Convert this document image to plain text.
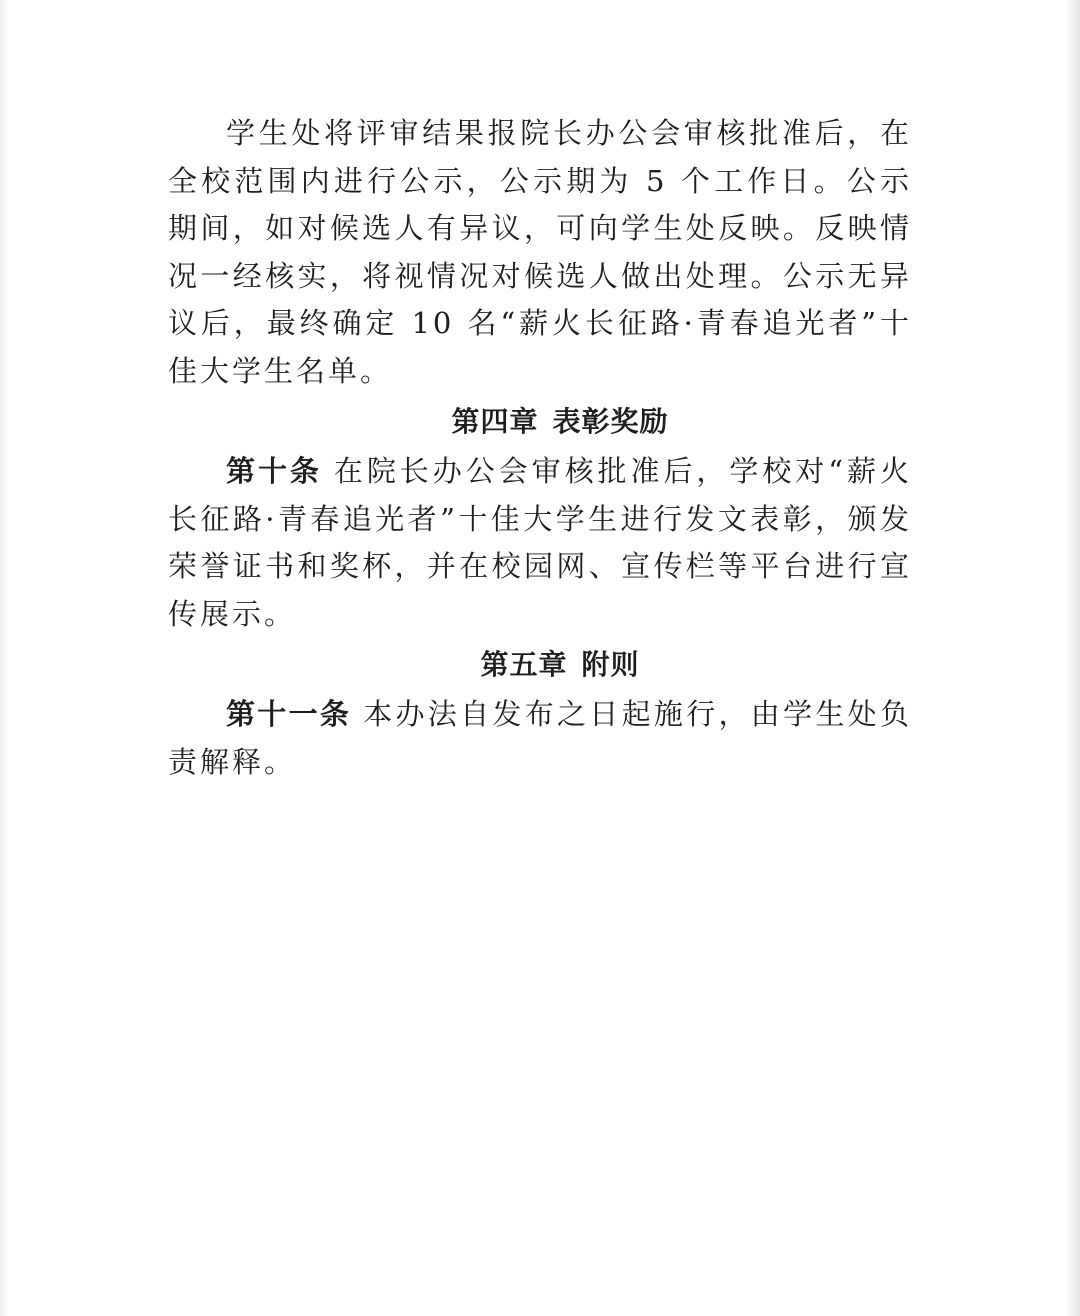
学生处将评审结果报院长办公会审核批准后，在全校范围内进行公示，公示期为 5 个工作日。公示期间，如对候选人有异议，可向学生处反映。反映情况一经核实，将视情况对候选人做出处理。公示无异议后，最终确定 10 名“薪火长征路·青春追光者”十佳大学生名单。

第四章 表彰奖励

第十条 在院长办公会审核批准后，学校对“薪火长征路·青春追光者”十佳大学生进行发文表彰，颁发荣誉证书和奖杯，并在校园网、宣传栏等平台进行宣传展示。

第五章 附则

第十一条 本办法自发布之日起施行，由学生处负责解释。
